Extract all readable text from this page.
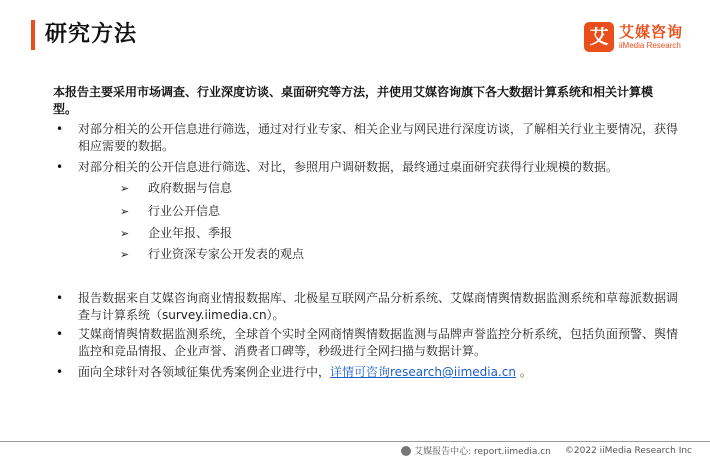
研究方法	艾 艾媒咨询
iiMedia Research
本报告主要采用市场调查、行业深度访谈、桌面研究等方法，并使用艾媒咨询旗下各大数据计算系统和相关计算模型。
• 对部分相关的公开信息进行筛选，通过对行业专家、相关企业与网民进行深度访谈，了解相关行业主要情况，获得相应需要的数据。
• 对部分相关的公开信息进行筛选、对比，参照用户调研数据，最终通过桌面研究获得行业规模的数据。
➢ 政府数据与信息
➢ 行业公开信息
➢ 企业年报、季报
➢ 行业资深专家公开发表的观点
• 报告数据来自艾媒咨询商业情报数据库、北极星互联网产品分析系统、艾媒商情舆情数据监测系统和草莓派数据调查与计算系统（survey.iimedia.cn）。
• 艾媒商情舆情数据监测系统，全球首个实时全网商情舆情数据监测与品牌声誉监控分析系统，包括负面预警、舆情监控和竞品情报、企业声誉、消费者口碑等，秒级进行全网扫描与数据计算。
• 面向全球针对各领域征集优秀案例企业进行中，详情可咨询research@iimedia.cn 。
艾媒报告中心: report.iimedia.cn ©2022 iiMedia Research Inc
